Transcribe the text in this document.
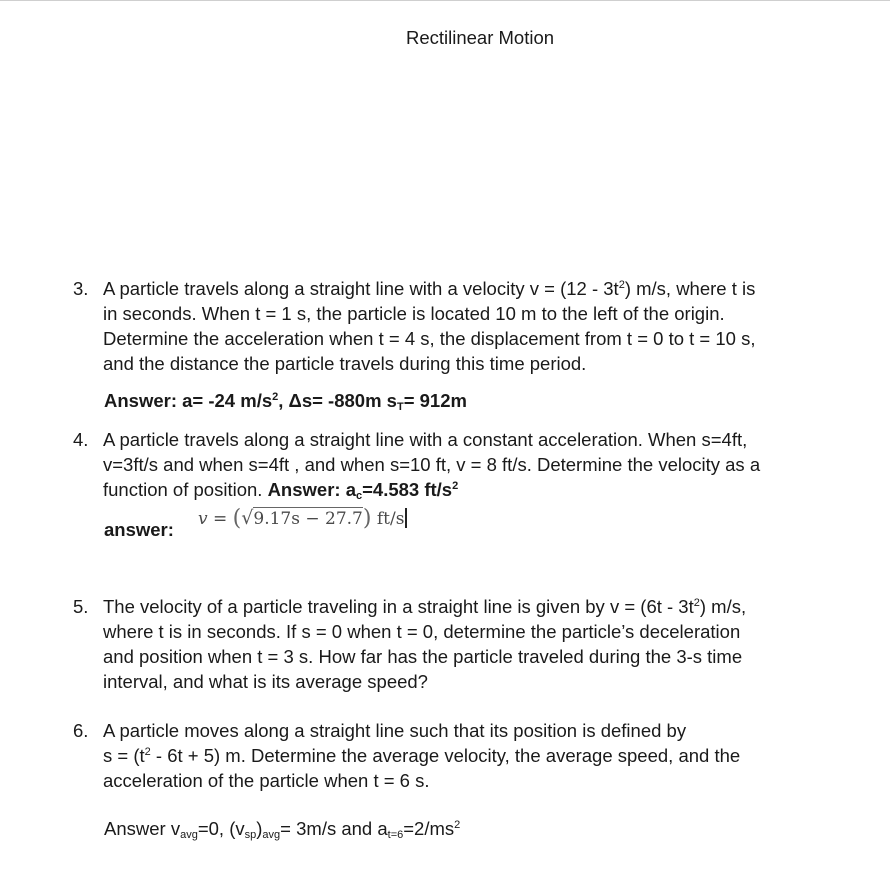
Rectilinear Motion
3. A particle travels along a straight line with a velocity $v = (12 - 3t^2)$ m/s, where t is
in seconds. When t = 1 s, the particle is located 10 m to the left of the origin.
Determine the acceleration when t = 4 s, the displacement from t = 0 to t = 10 s,
and the distance the particle travels during this time period.
Answer: a= -24 $m/s^2$, Δs= -880m $s_T= 912m$
4. A particle travels along a straight line with a constant acceleration. When s=4ft,
v=3ft/s and when s=4ft , and when s=10 ft, v = 8 ft/s. Determine the velocity as a
function of position. Answer: $a_c=4.583$ $ft/s^2$
answer: v = (√9.17s − 27.7) ft/s
5. The velocity of a particle traveling in a straight line is given by $v = (6t - 3t^2)$ m/s,
where t is in seconds. If s = 0 when t = 0, determine the particle’s deceleration
and position when t = 3 s. How far has the particle traveled during the 3-s time
interval, and what is its average speed?
6. A particle moves along a straight line such that its position is defined by
$s = (t^2 - 6t + 5)$ m. Determine the average velocity, the average speed, and the
acceleration of the particle when t = 6 s.
Answer $v_{avg}=0$, $(v_{sp})_{avg}= 3m/s$ and $a_{t=6}=2/ms^2$
